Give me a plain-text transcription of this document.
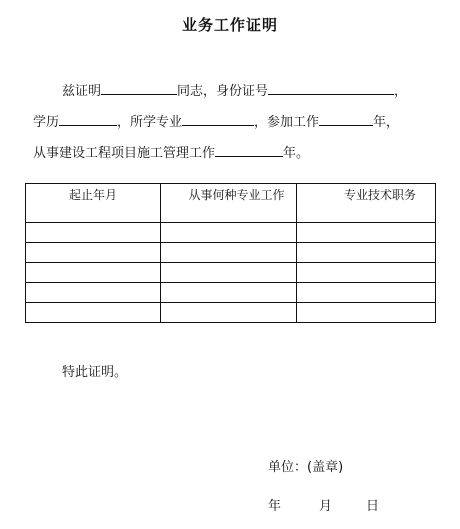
业务工作证明
兹证明	同志，身份证号	，
学历	，所学专业	，参加工作	年，
从事建设工程项目施工管理工作	年。
起止年月	从事何种专业工作	专业技术职务

特此证明。
单位：(盖章)
年	月	日
